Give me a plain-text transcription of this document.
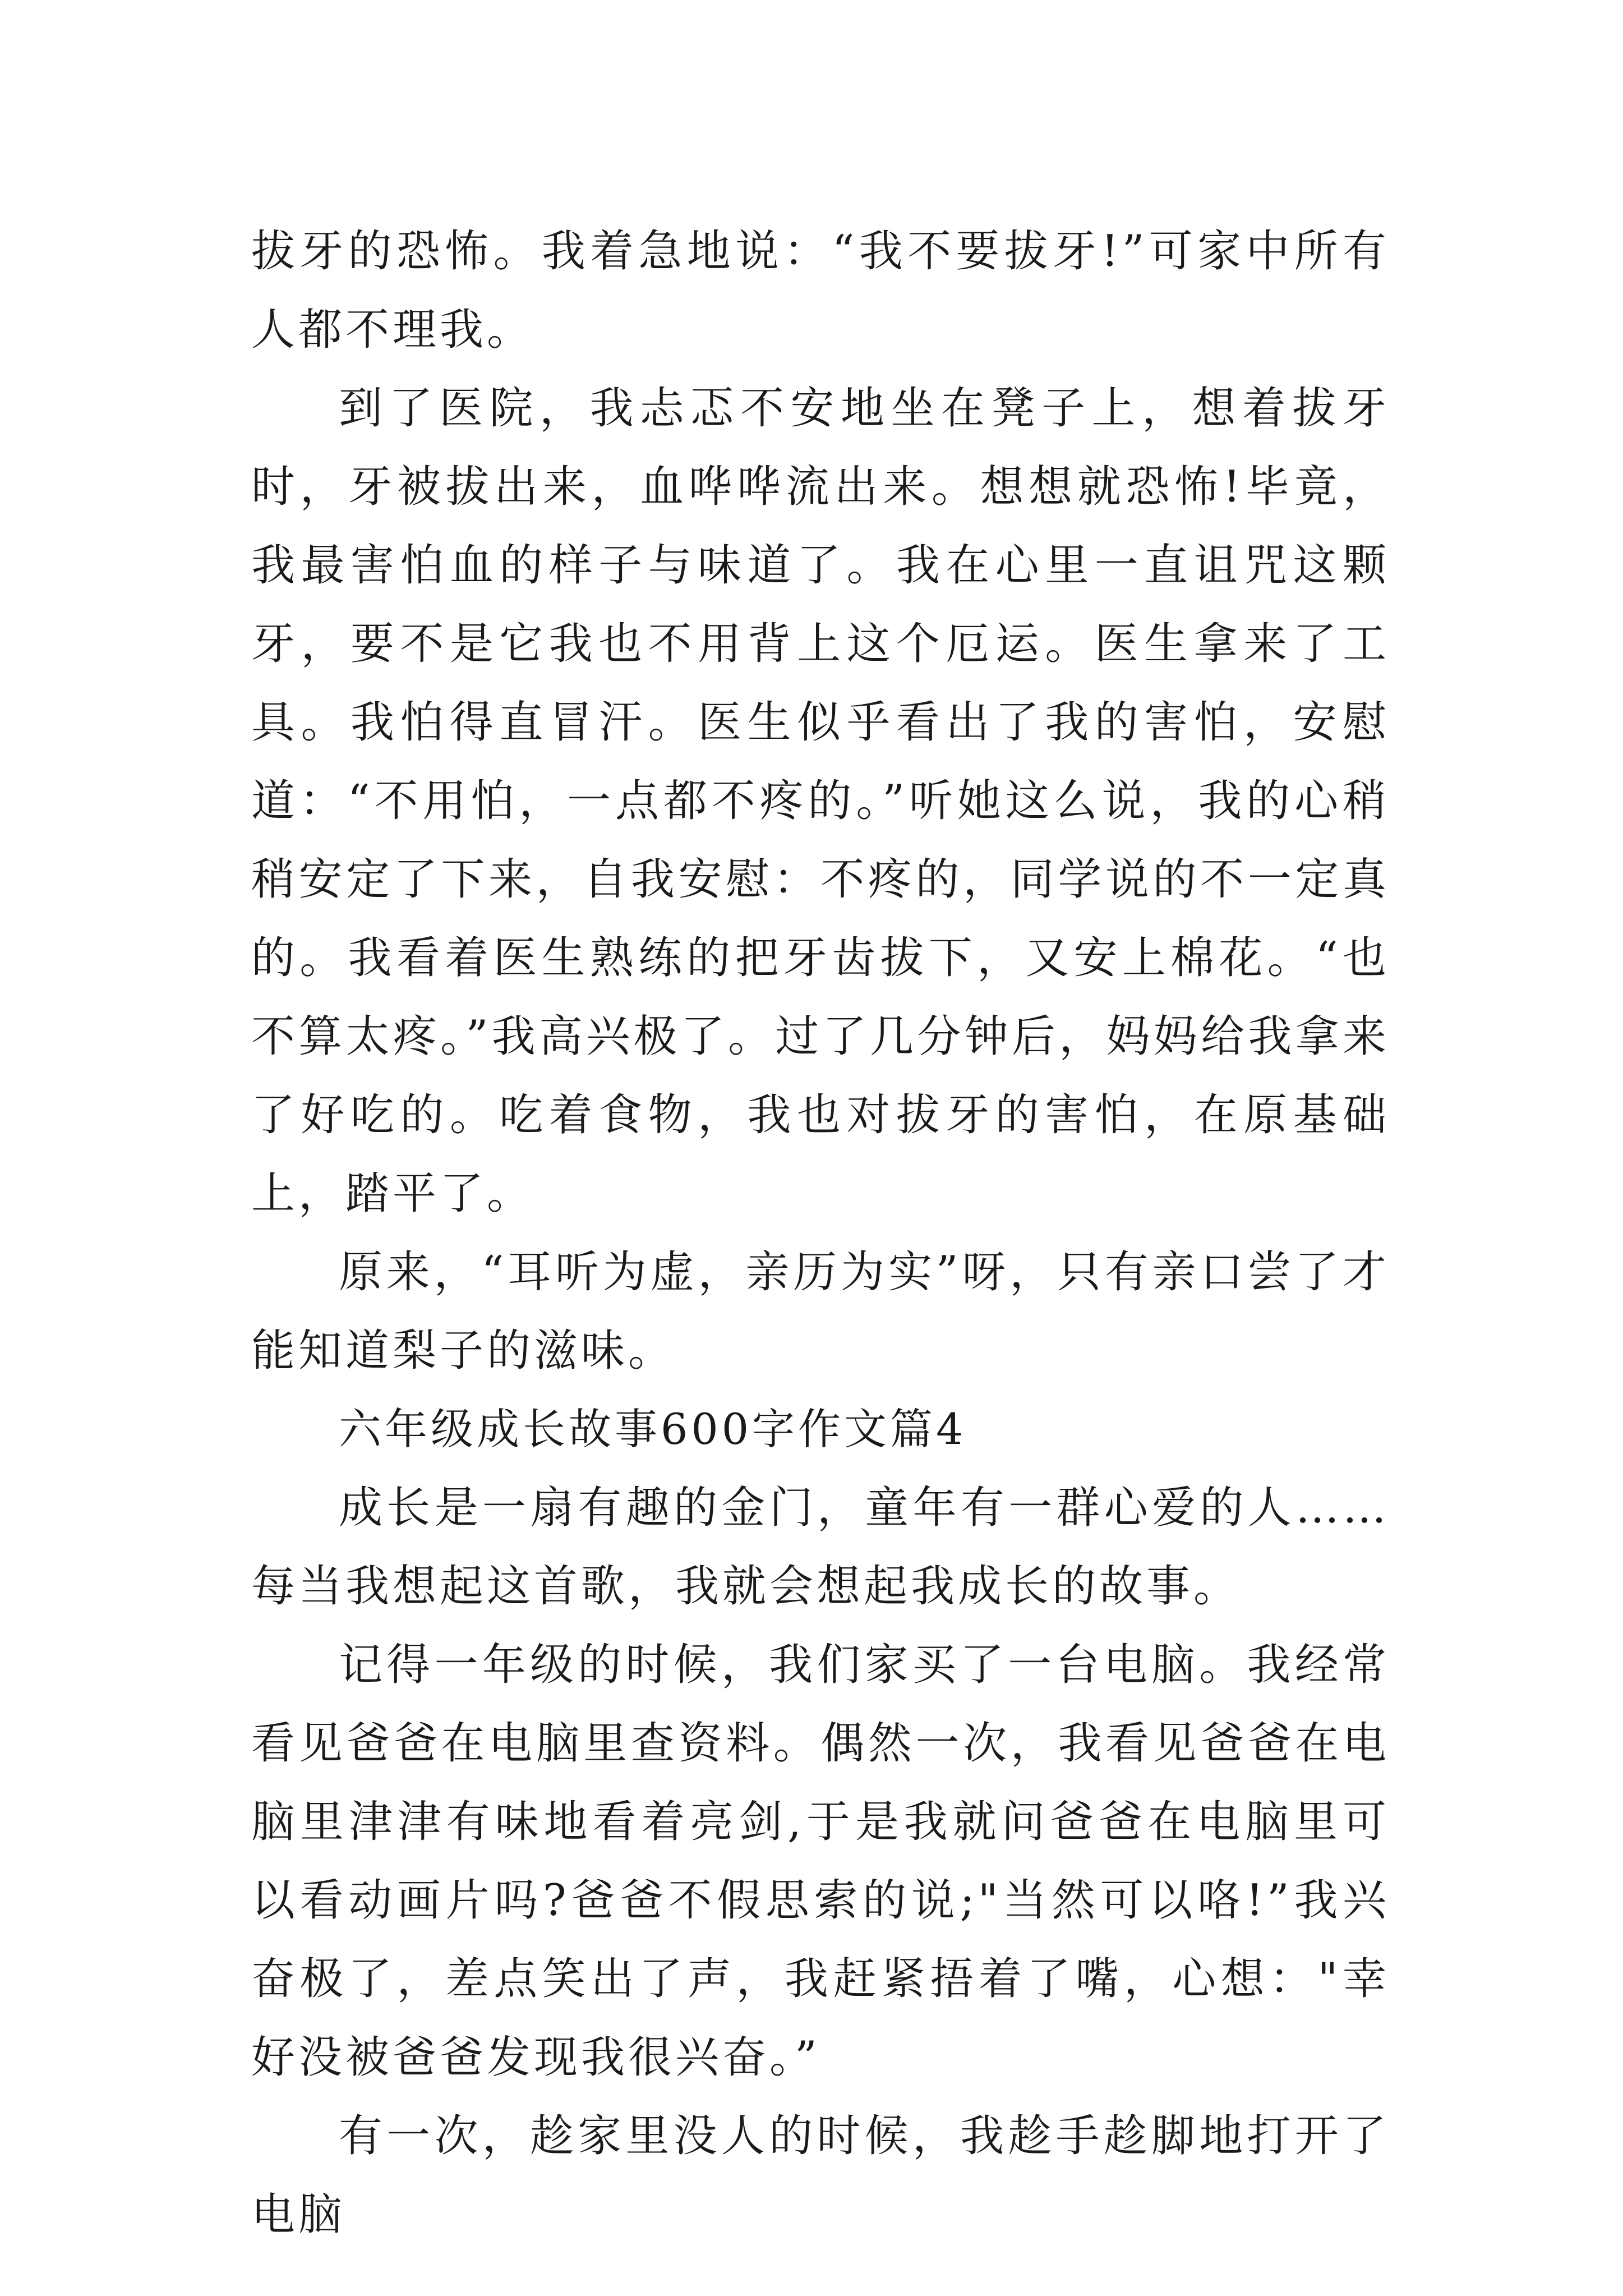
拔牙的恐怖。我着急地说：“我不要拔牙!”可家中所有人都不理我。

到了医院，我忐忑不安地坐在凳子上，想着拔牙时，牙被拔出来，血哗哗流出来。想想就恐怖!毕竟，我最害怕血的样子与味道了。我在心里一直诅咒这颗牙，要不是它我也不用背上这个厄运。医生拿来了工具。我怕得直冒汗。医生似乎看出了我的害怕，安慰道：“不用怕，一点都不疼的。”听她这么说，我的心稍稍安定了下来，自我安慰：不疼的，同学说的不一定真的。我看着医生熟练的把牙齿拔下，又安上棉花。“也不算太疼。”我高兴极了。过了几分钟后，妈妈给我拿来了好吃的。吃着食物，我也对拔牙的害怕，在原基础上，踏平了。

原来，“耳听为虚，亲历为实”呀，只有亲口尝了才能知道梨子的滋味。

六年级成长故事600字作文篇4

成长是一扇有趣的金门，童年有一群心爱的人……每当我想起这首歌，我就会想起我成长的故事。

记得一年级的时候，我们家买了一台电脑。我经常看见爸爸在电脑里查资料。偶然一次，我看见爸爸在电脑里津津有味地看着亮剑,于是我就问爸爸在电脑里可以看动画片吗?爸爸不假思索的说;"当然可以咯!”我兴奋极了，差点笑出了声，我赶紧捂着了嘴，心想："幸好没被爸爸发现我很兴奋。”

有一次，趁家里没人的时候，我趁手趁脚地打开了电脑
